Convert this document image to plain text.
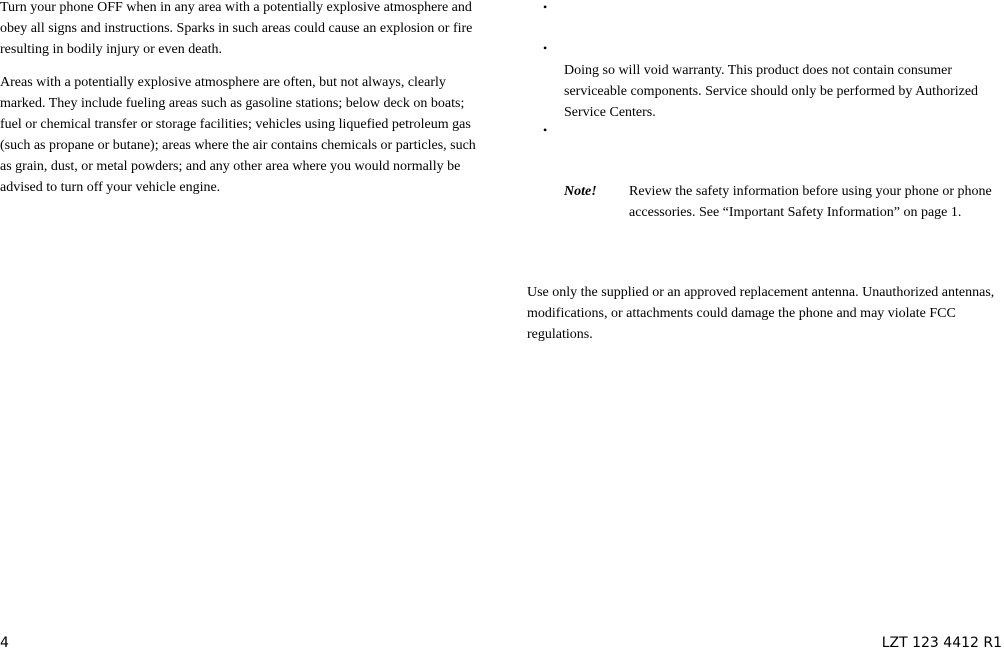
Turn your phone OFF when in any area with a potentially explosive atmosphere and obey all signs and instructions. Sparks in such areas could cause an explosion or fire resulting in bodily injury or even death.

Areas with a potentially explosive atmosphere are often, but not always, clearly marked. They include fueling areas such as gasoline stations; below deck on boats; fuel or chemical transfer or storage facilities; vehicles using liquefied petroleum gas (such as propane or butane); areas where the air contains chemicals or particles, such as grain, dust, or metal powders; and any other area where you would normally be advised to turn off your vehicle engine.

•
•
Doing so will void warranty. This product does not contain consumer serviceable components. Service should only be performed by Authorized Service Centers.
•
Note! Review the safety information before using your phone or phone accessories. See “Important Safety Information” on page 1.
Use only the supplied or an approved replacement antenna. Unauthorized antennas, modifications, or attachments could damage the phone and may violate FCC regulations.
4	LZT 123 4412 R1
